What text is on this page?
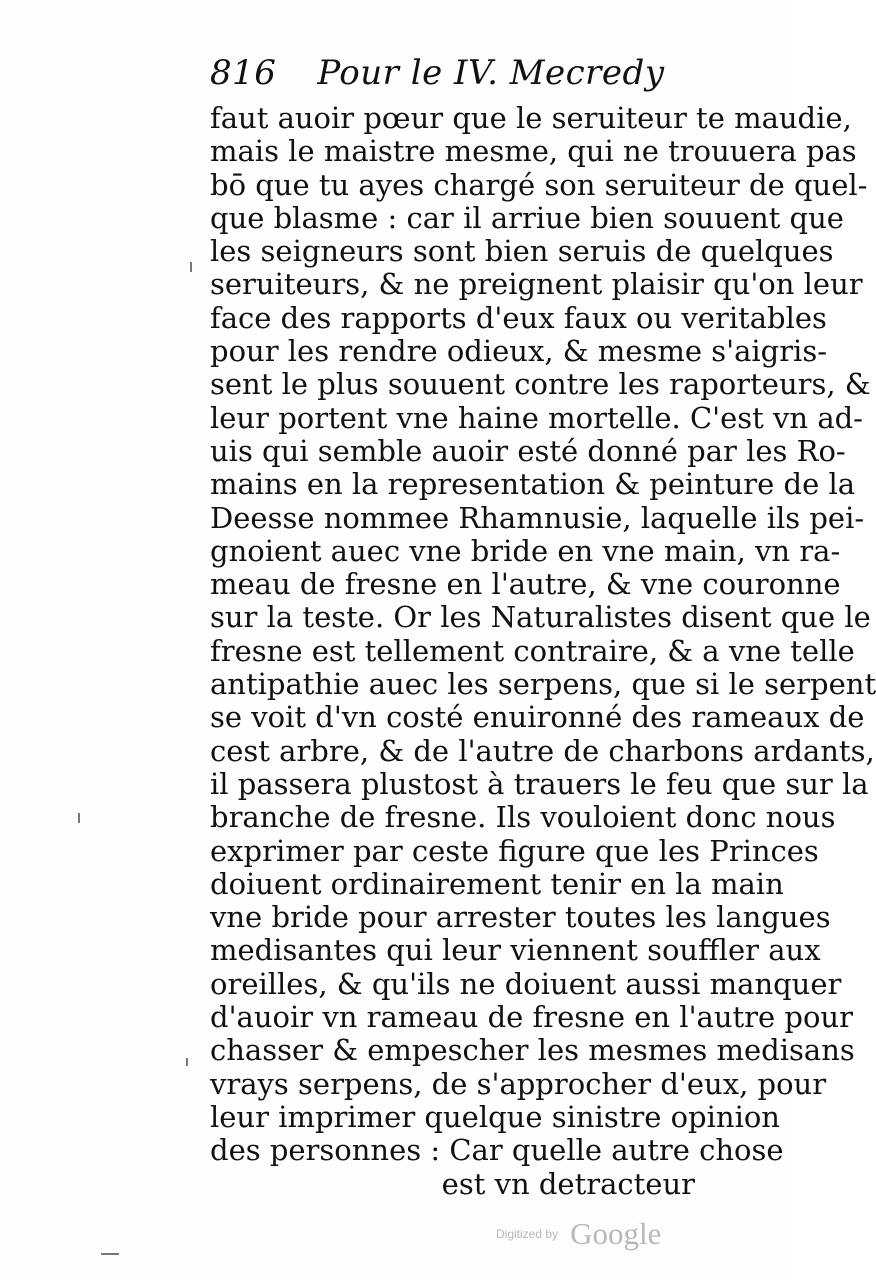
816 Pour le IV. Mecredy
faut auoir pœur que le seruiteur te maudie,
mais le maistre mesme, qui ne trouuera pas
bō que tu ayes chargé son seruiteur de quel-
que blasme : car il arriue bien souuent que
les seigneurs sont bien seruis de quelques
seruiteurs, & ne preignent plaisir qu'on leur
face des rapports d'eux faux ou veritables
pour les rendre odieux, & mesme s'aigris-
sent le plus souuent contre les raporteurs, &
leur portent vne haine mortelle. C'est vn ad-
uis qui semble auoir esté donné par les Ro-
mains en la representation & peinture de la
Deesse nommee Rhamnusie, laquelle ils pei-
gnoient auec vne bride en vne main, vn ra-
meau de fresne en l'autre, & vne couronne
sur la teste. Or les Naturalistes disent que le
fresne est tellement contraire, & a vne telle
antipathie auec les serpens, que si le serpent
se voit d'vn costé enuironné des rameaux de
cest arbre, & de l'autre de charbons ardants,
il passera plustost à trauers le feu que sur la
branche de fresne. Ils vouloient donc nous
exprimer par ceste figure que les Princes
doiuent ordinairement tenir en la main
vne bride pour arrester toutes les langues
medisantes qui leur viennent souffler aux
oreilles, & qu'ils ne doiuent aussi manquer
d'auoir vn rameau de fresne en l'autre pour
chasser & empescher les mesmes medisans
vrays serpens, de s'approcher d'eux, pour
leur imprimer quelque sinistre opinion
des personnes : Car quelle autre chose
est vn detracteur
Digitized by Google
